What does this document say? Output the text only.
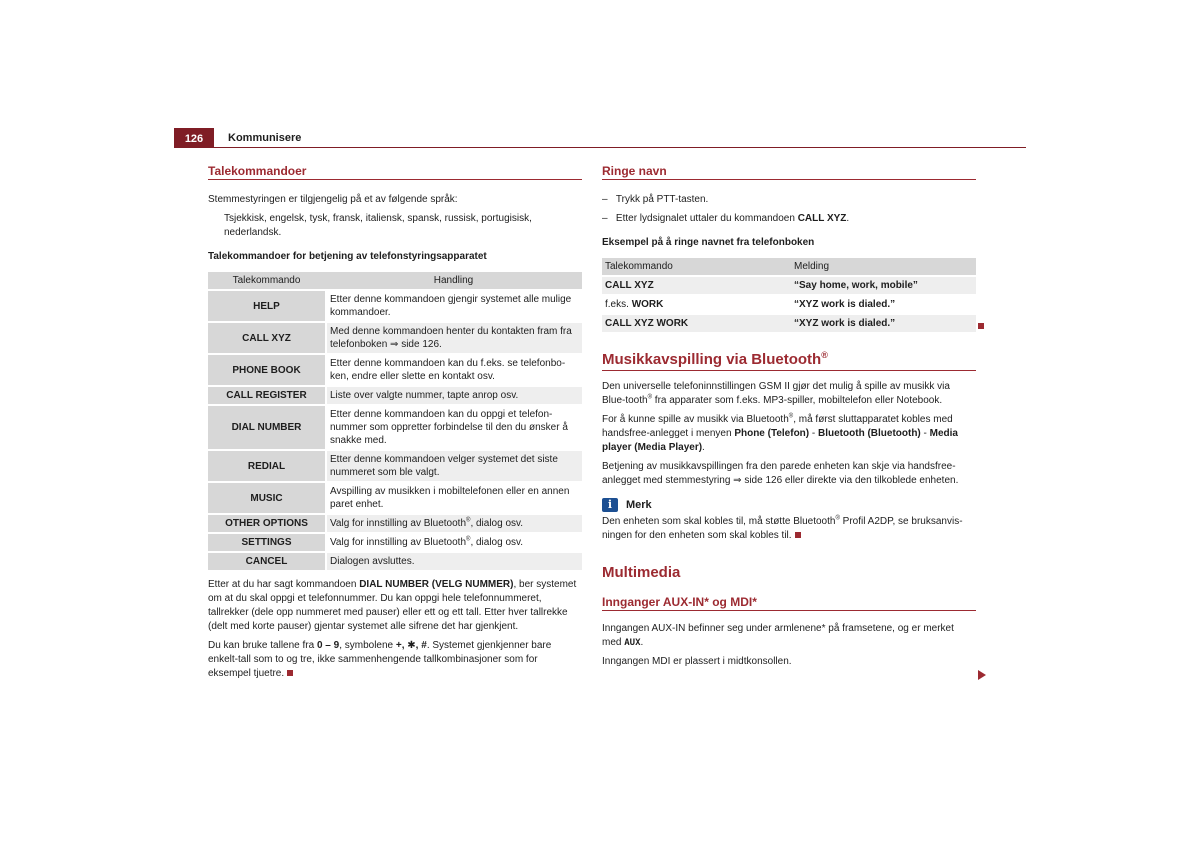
126	Kommunisere
Talekommandoer

Stemmestyringen er tilgjengelig på et av følgende språk:

Tsjekkisk, engelsk, tysk, fransk, italiensk, spansk, russisk, portugisisk, nederlandsk.

Talekommandoer for betjening av telefonstyringsapparatet

Talekommando	Handling
HELP	Etter denne kommandoen gjengir systemet alle mulige kommandoer.
CALL XYZ	Med denne kommandoen henter du kontakten fram fra telefonboken ⇒ side 126.
PHONE BOOK	Etter denne kommandoen kan du f.eks. se telefonbo-ken, endre eller slette en kontakt osv.
CALL REGISTER	Liste over valgte nummer, tapte anrop osv.
DIAL NUMBER	Etter denne kommandoen kan du oppgi et telefon-nummer som oppretter forbindelse til den du ønsker å snakke med.
REDIAL	Etter denne kommandoen velger systemet det siste nummeret som ble valgt.
MUSIC	Avspilling av musikken i mobiltelefonen eller en annen paret enhet.
OTHER OPTIONS	Valg for innstilling av Bluetooth®, dialog osv.
SETTINGS	Valg for innstilling av Bluetooth®, dialog osv.
CANCEL	Dialogen avsluttes.

Etter at du har sagt kommandoen DIAL NUMBER (VELG NUMMER), ber systemet om at du skal oppgi et telefonnummer. Du kan oppgi hele telefonnummeret, tallrekker (dele opp nummeret med pauser) eller ett og ett tall. Etter hver tallrekke (delt med korte pauser) gjentar systemet alle sifrene det har gjenkjent.

Du kan bruke tallene fra 0 – 9, symbolene +, ✱, #. Systemet gjenkjenner bare enkelt-tall som to og tre, ikke sammenhengende tallkombinasjoner som for eksempel tjuetre.

Ringe navn

–   Trykk på PTT-tasten.

–   Etter lydsignalet uttaler du kommandoen CALL XYZ.

Eksempel på å ringe navnet fra telefonboken

Talekommando	Melding
CALL XYZ	“Say home, work, mobile”
f.eks. WORK	“XYZ work is dialed.”
CALL XYZ WORK	“XYZ work is dialed.”
Musikkavspilling via Bluetooth®

Den universelle telefoninnstillingen GSM II gjør det mulig å spille av musikk via Blue-tooth® fra apparater som f.eks. MP3-spiller, mobiltelefon eller Notebook.

For å kunne spille av musikk via Bluetooth®, må først sluttapparatet kobles med handsfree-anlegget i menyen Phone (Telefon) - Bluetooth (Bluetooth) - Media player (Media Player).

Betjening av musikkavspillingen fra den parede enheten kan skje via handsfree-anlegget med stemmestyring ⇒ side 126 eller direkte via den tilkoblede enheten.

i	Merk

Den enheten som skal kobles til, må støtte Bluetooth® Profil A2DP, se bruksanvis-ningen for den enheten som skal kobles til.

Multimedia
Innganger AUX-IN* og MDI*

Inngangen AUX-IN befinner seg under armlenene* på framsetene, og er merket med AUX.

Inngangen MDI er plassert i midtkonsollen.
